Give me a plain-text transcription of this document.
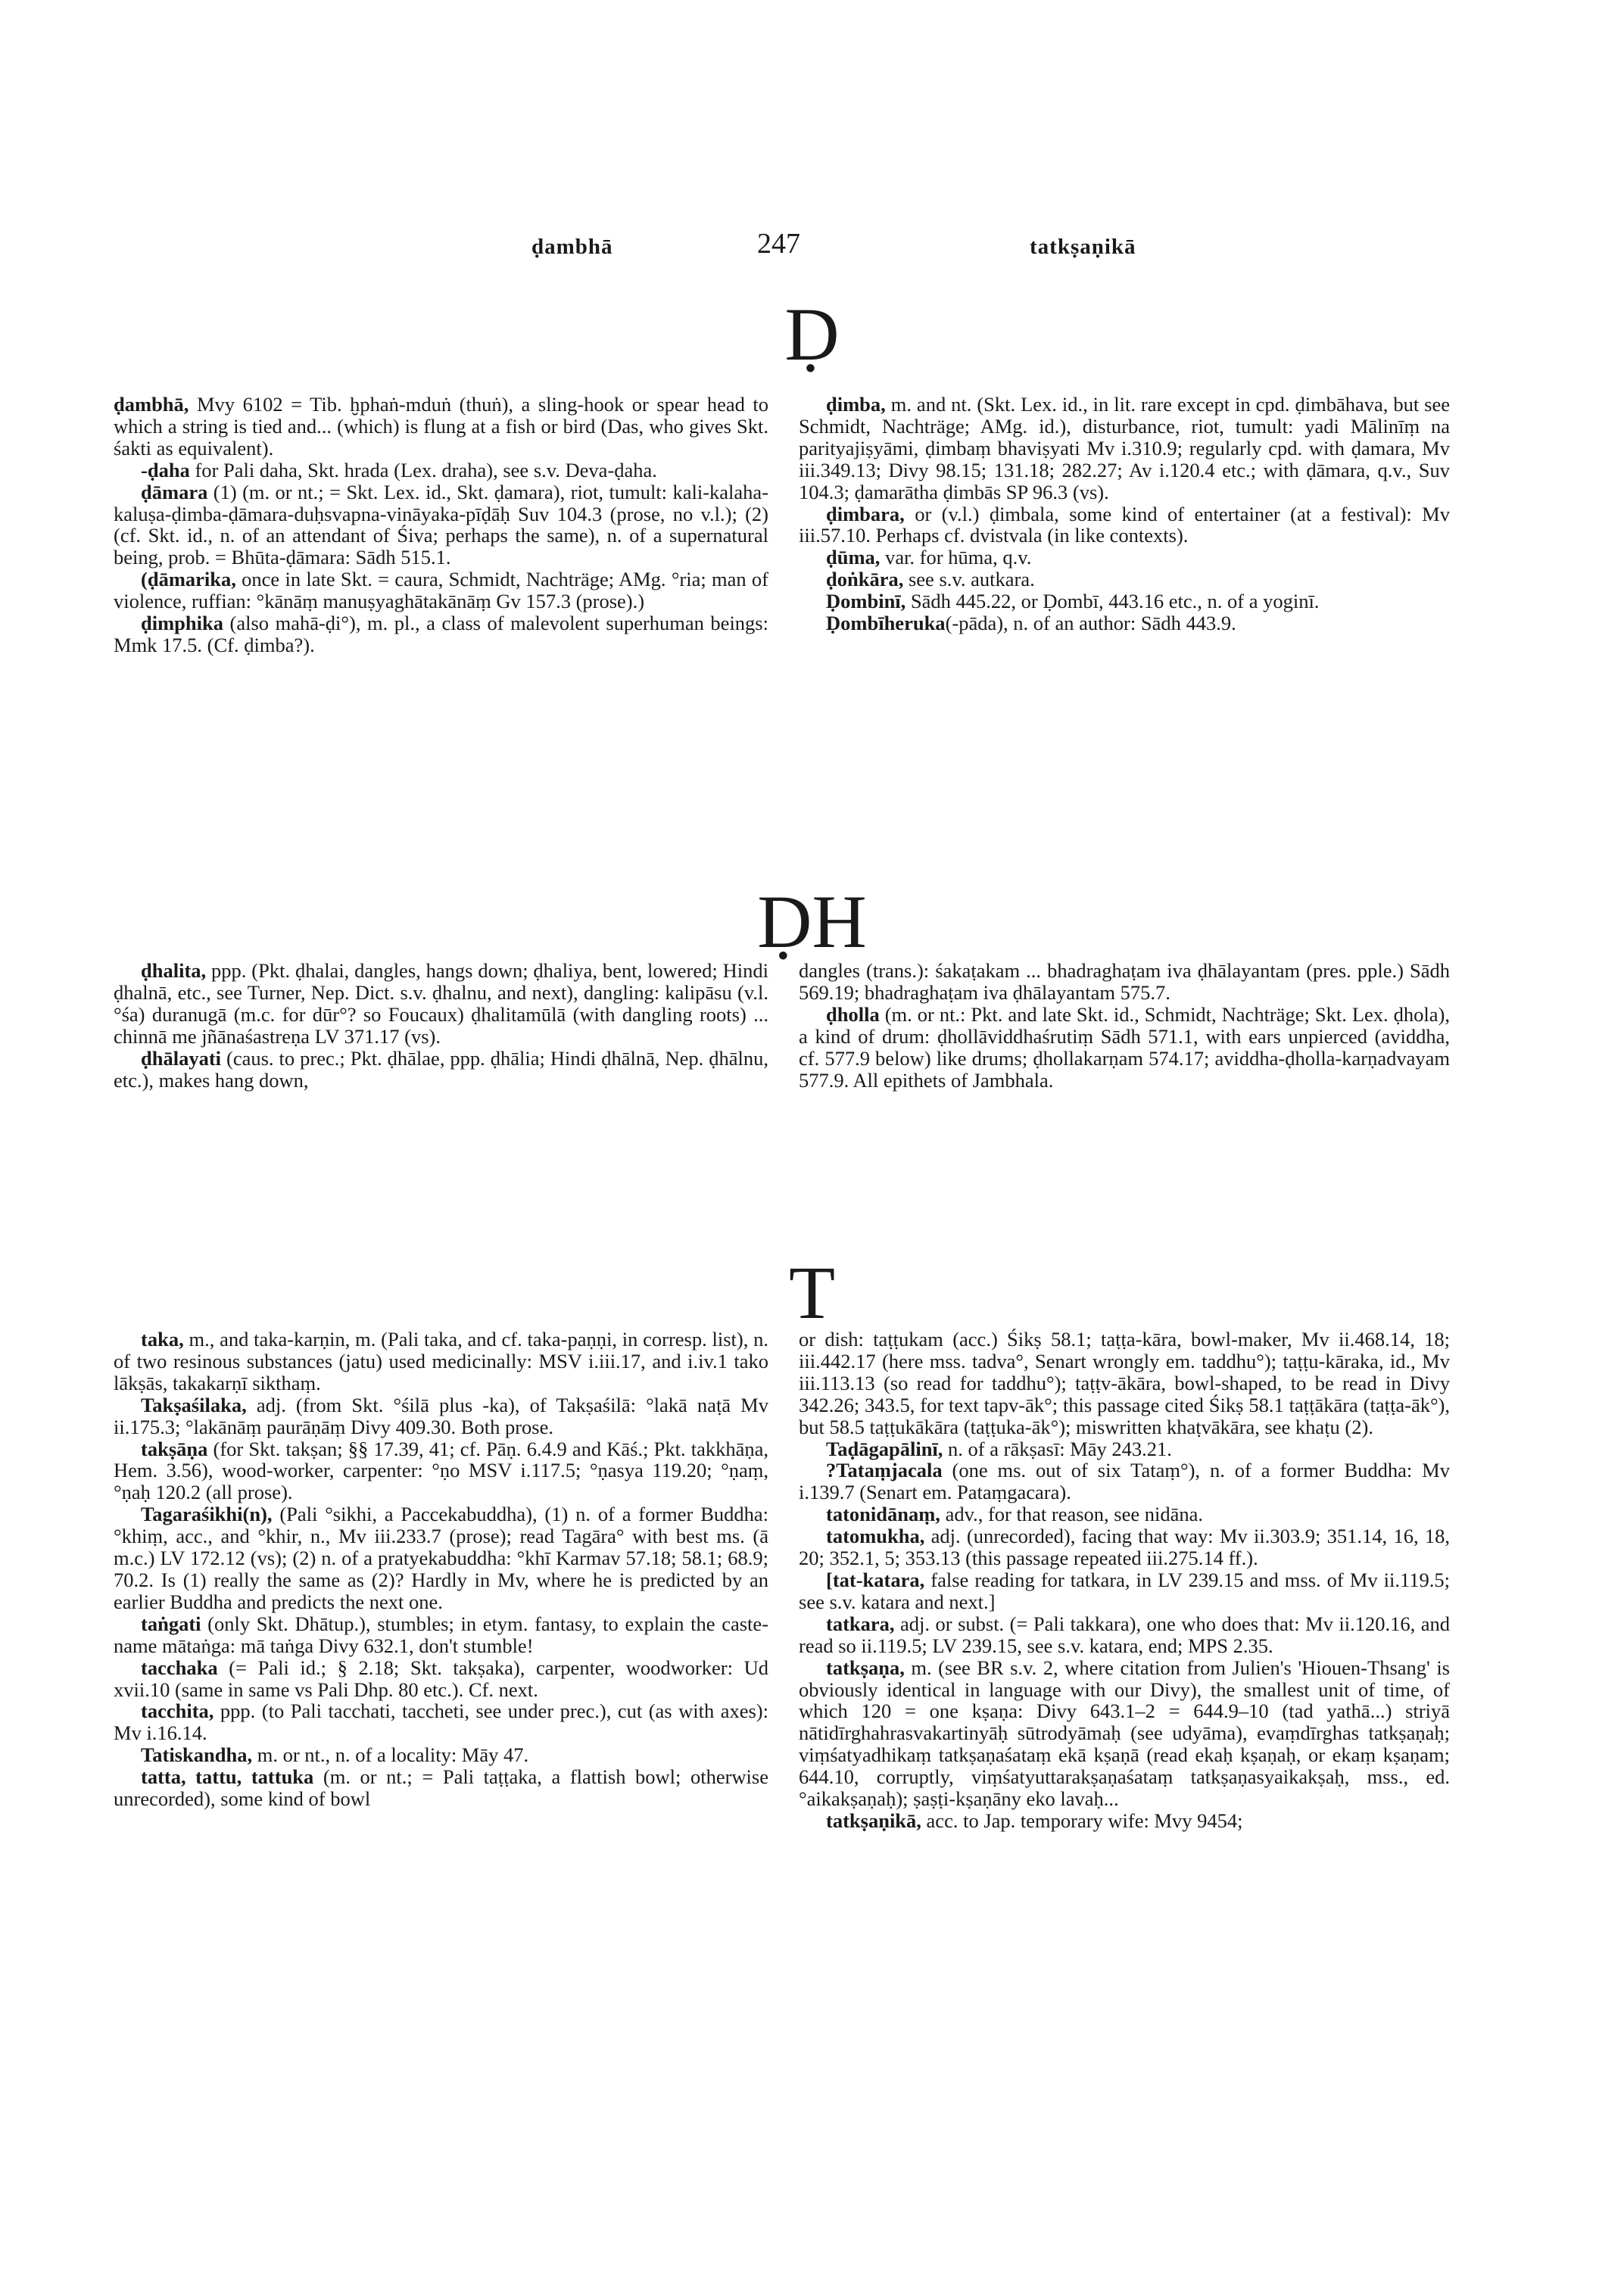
ḍambhā	247	tatkṣaṇikā
Ḍ
ḌH
T

ḍambhā, Mvy 6102 = Tib. ḫphaṅ-mduṅ (thuṅ), a sling-hook or spear head to which a string is tied and... (which) is flung at a fish or bird (Das, who gives Skt. śakti as equivalent).

-ḍaha for Pali daha, Skt. hrada (Lex. draha), see s.v. Deva-ḍaha.

ḍāmara (1) (m. or nt.; = Skt. Lex. id., Skt. ḍamara), riot, tumult: kali-kalaha-kaluṣa-ḍimba-ḍāmara-duḥsvapna-vināyaka-pīḍāḥ Suv 104.3 (prose, no v.l.); (2) (cf. Skt. id., n. of an attendant of Śiva; perhaps the same), n. of a supernatural being, prob. = Bhūta-ḍāmara: Sādh 515.1.

(ḍāmarika, once in late Skt. = caura, Schmidt, Nachträge; AMg. °ria; man of violence, ruffian: °kānāṃ manuṣyaghātakānāṃ Gv 157.3 (prose).)

ḍimphika (also mahā-ḍi°), m. pl., a class of malevolent superhuman beings: Mmk 17.5. (Cf. ḍimba?).

ḍimba, m. and nt. (Skt. Lex. id., in lit. rare except in cpd. ḍimbāhava, but see Schmidt, Nachträge; AMg. id.), disturbance, riot, tumult: yadi Mālinīṃ na parityajiṣyāmi, ḍimbaṃ bhaviṣyati Mv i.310.9; regularly cpd. with ḍamara, Mv iii.349.13; Divy 98.15; 131.18; 282.27; Av i.120.4 etc.; with ḍāmara, q.v., Suv 104.3; ḍamarātha ḍimbās SP 96.3 (vs).

ḍimbara, or (v.l.) ḍimbala, some kind of entertainer (at a festival): Mv iii.57.10. Perhaps cf. dvistvala (in like contexts).

ḍūma, var. for hūma, q.v.

ḍoṅkāra, see s.v. autkara.

Ḍombinī, Sādh 445.22, or Ḍombī, 443.16 etc., n. of a yoginī.

Ḍombīheruka(-pāda), n. of an author: Sādh 443.9.

ḍhalita, ppp. (Pkt. ḍhalai, dangles, hangs down; ḍhaliya, bent, lowered; Hindi ḍhalnā, etc., see Turner, Nep. Dict. s.v. ḍhalnu, and next), dangling: kalipāsu (v.l. °śa) duranugā (m.c. for dūr°? so Foucaux) ḍhalitamūlā (with dangling roots) ... chinnā me jñānaśastreṇa LV 371.17 (vs).

ḍhālayati (caus. to prec.; Pkt. ḍhālae, ppp. ḍhālia; Hindi ḍhālnā, Nep. ḍhālnu, etc.), makes hang down,

dangles (trans.): śakaṭakam ... bhadraghaṭam iva ḍhālayantam (pres. pple.) Sādh 569.19; bhadraghaṭam iva ḍhālayantam 575.7.

ḍholla (m. or nt.: Pkt. and late Skt. id., Schmidt, Nachträge; Skt. Lex. ḍhola), a kind of drum: ḍhollāviddhaśrutiṃ Sādh 571.1, with ears unpierced (aviddha, cf. 577.9 below) like drums; ḍhollakarṇam 574.17; aviddha-ḍholla-karṇadvayam 577.9. All epithets of Jambhala.

taka, m., and taka-karṇin, m. (Pali taka, and cf. taka-paṇṇi, in corresp. list), n. of two resinous substances (jatu) used medicinally: MSV i.iii.17, and i.iv.1 tako lākṣās, takakarṇī sikthaṃ.

Takṣaśilaka, adj. (from Skt. °śilā plus -ka), of Takṣaśilā: °lakā naṭā Mv ii.175.3; °lakānāṃ paurāṇāṃ Divy 409.30. Both prose.

takṣāṇa (for Skt. takṣan; §§ 17.39, 41; cf. Pāṇ. 6.4.9 and Kāś.; Pkt. takkhāṇa, Hem. 3.56), wood-worker, carpenter: °ṇo MSV i.117.5; °ṇasya 119.20; °ṇaṃ, °ṇaḥ 120.2 (all prose).

Tagaraśikhi(n), (Pali °sikhi, a Paccekabuddha), (1) n. of a former Buddha: °khiṃ, acc., and °khir, n., Mv iii.233.7 (prose); read Tagāra° with best ms. (ā m.c.) LV 172.12 (vs); (2) n. of a pratyekabuddha: °khī Karmav 57.18; 58.1; 68.9; 70.2. Is (1) really the same as (2)? Hardly in Mv, where he is predicted by an earlier Buddha and predicts the next one.

taṅgati (only Skt. Dhātup.), stumbles; in etym. fantasy, to explain the caste-name mātaṅga: mā taṅga Divy 632.1, don't stumble!

tacchaka (= Pali id.; § 2.18; Skt. takṣaka), carpenter, woodworker: Ud xvii.10 (same in same vs Pali Dhp. 80 etc.). Cf. next.

tacchita, ppp. (to Pali tacchati, taccheti, see under prec.), cut (as with axes): Mv i.16.14.

Tatiskandha, m. or nt., n. of a locality: Māy 47.

tatta, tattu, tattuka (m. or nt.; = Pali taṭṭaka, a flattish bowl; otherwise unrecorded), some kind of bowl

or dish: taṭṭukam (acc.) Śikṣ 58.1; taṭṭa-kāra, bowl-maker, Mv ii.468.14, 18; iii.442.17 (here mss. tadva°, Senart wrongly em. taddhu°); taṭṭu-kāraka, id., Mv iii.113.13 (so read for taddhu°); taṭṭv-ākāra, bowl-shaped, to be read in Divy 342.26; 343.5, for text tapv-āk°; this passage cited Śikṣ 58.1 taṭṭākāra (taṭṭa-āk°), but 58.5 taṭṭukākāra (taṭṭuka-āk°); miswritten khaṭvākāra, see khaṭu (2).

Taḍāgapālinī, n. of a rākṣasī: Māy 243.21.

?Tataṃjacala (one ms. out of six Tataṃ°), n. of a former Buddha: Mv i.139.7 (Senart em. Pataṃgacara).

tatonidānaṃ, adv., for that reason, see nidāna.

tatomukha, adj. (unrecorded), facing that way: Mv ii.303.9; 351.14, 16, 18, 20; 352.1, 5; 353.13 (this passage repeated iii.275.14 ff.).

[tat-katara, false reading for tatkara, in LV 239.15 and mss. of Mv ii.119.5; see s.v. katara and next.]

tatkara, adj. or subst. (= Pali takkara), one who does that: Mv ii.120.16, and read so ii.119.5; LV 239.15, see s.v. katara, end; MPS 2.35.

tatkṣaṇa, m. (see BR s.v. 2, where citation from Julien's 'Hiouen-Thsang' is obviously identical in language with our Divy), the smallest unit of time, of which 120 = one kṣaṇa: Divy 643.1–2 = 644.9–10 (tad yathā...) striyā nātidīrghahrasvakartinyāḥ sūtrodyāmaḥ (see udyāma), evaṃdīrghas tatkṣaṇaḥ; viṃśatyadhikaṃ tatkṣaṇaśataṃ ekā kṣaṇā (read ekaḥ kṣaṇaḥ, or ekaṃ kṣaṇam; 644.10, corruptly, viṃśatyuttarakṣaṇaśataṃ tatkṣaṇasyaikakṣaḥ, mss., ed. °aikakṣaṇaḥ); ṣaṣṭi-kṣaṇāny eko lavaḥ...

tatkṣaṇikā, acc. to Jap. temporary wife: Mvy 9454;
